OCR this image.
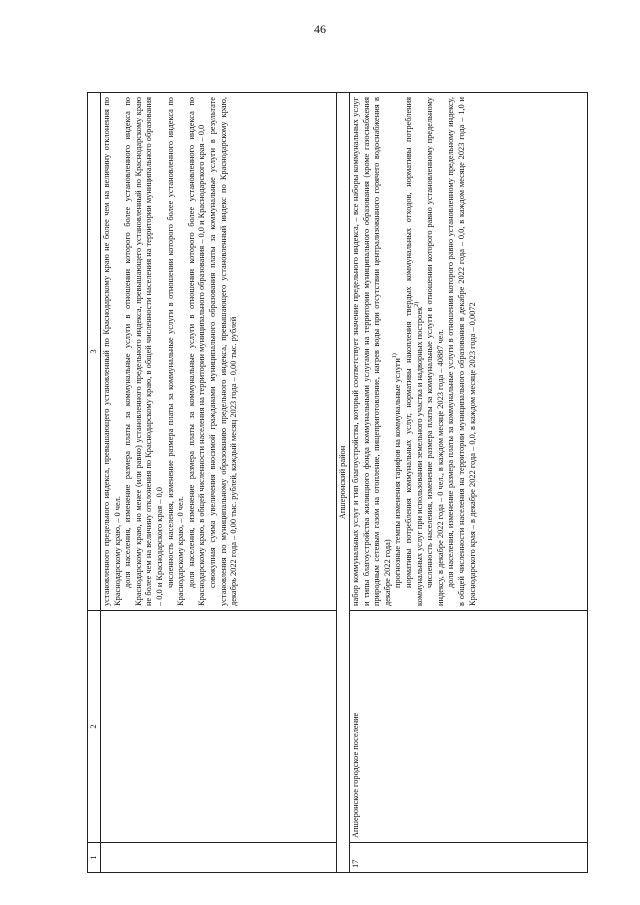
46
1	2	3

		установленного предельного индекса, превышающего установленный по Краснодарскому краю не более чем на величину отклонения по Краснодарскому краю, – 0 чел. доля населения, изменение размера платы за коммунальные услуги в отношении которого более установленного индекса по Краснодарскому краю, но менее (или равно) установленного предельного индекса, превышающего установленный по Краснодарскому краю не более чем на величину отклонения по Краснодарскому краю, в общей численности населения на территории муниципального образования – 0,0 и Краснодарского края – 0,0 численность населения, изменение размера платы за коммунальные услуги в отношении которого более установленного индекса по Краснодарскому краю, – 0 чел. доля населения, изменение размера платы за коммунальные услуги в отношении которого более установленного индекса по Краснодарскому краю, в общей численности населения на территории муниципального образования – 0,0 и Краснодарского края – 0,0 совокупная сумма увеличения вносимой гражданами муниципального образования платы за коммунальные услуги в результате установления по муниципальному образованию предельного индекса, превышающего установленный индекс по Краснодарскому краю, декабрь 2022 года – 0,00 тыс. рублей, каждый месяц 2023 года – 0,00 тыс. рублей

Апшеронский район		
17	Апшеронское городское поселение	набор коммунальных услуг и тип благоустройства, который соответствует значение предельного индекса, – все наборы коммунальных услуг и типы благоустройства жилищного фонда коммунальными услугами на территории муниципального образования (кроме газоснабжения природным сетевым газом на отопление, пищеприготовление, нагрев воды при отсутствии централизованного горячего водоснабжения в декабре 2022 года) прогнозные темпы изменения тарифов на коммунальные услуги$^{1)}$ нормативы потребления коммунальных услуг, нормативы накопления твердых коммунальных отходов, нормативы потребления коммунальных услуг при использовании земельного участка и надворных построек$^{2)}$ численность населения, изменение размера платы за коммунальные услуги в отношении которого равно установленному предельному индексу, в декабре 2022 года – 0 чел., в каждом месяце 2023 года – 40887 чел. доля населения, изменение размера платы за коммунальные услуги в отношении которого равно установленному предельному индексу, в общей численности населения на территории муниципального образования в декабре 2022 года – 0,0, в каждом месяце 2023 года – 1,0 и Краснодарского края – в декабре 2022 года – 0,0, в каждом месяце 2023 года – 0,0072
